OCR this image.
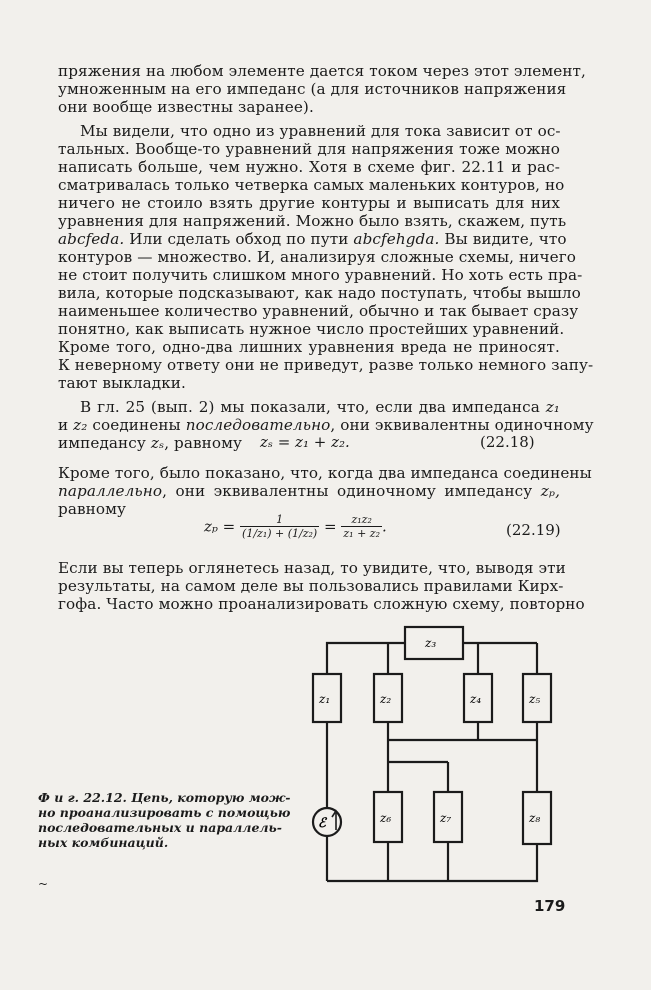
пряжения на любом элементе дается током через этот элемент,
умноженным на его импеданс (а для источников напряжения
они вообще известны заранее).
Мы видели, что одно из уравнений для тока зависит от ос-
тальных. Вообще-то уравнений для напряжения тоже можно
написать больше, чем нужно. Хотя в схеме фиг. 22.11 и рас-
сматривалась только четверка самых маленьких контуров, но
ничего не стоило взять другие контуры и выписать для них
уравнения для напряжений. Можно было взять, скажем, путь
abcfeda. Или сделать обход по пути abcfehgda. Вы видите, что
контуров — множество. И, анализируя сложные схемы, ничего
не стоит получить слишком много уравнений. Но хоть есть пра-
вила, которые подсказывают, как надо поступать, чтобы вышло
наименьшее количество уравнений, обычно и так бывает сразу
понятно, как выписать нужное число простейших уравнений.
Кроме того, одно-два лишних уравнения вреда не приносят.
К неверному ответу они не приведут, разве только немного запу-
тают выкладки.
В гл. 25 (вып. 2) мы показали, что, если два импеданса z₁
и z₂ соединены последовательно, они эквивалентны одиночному
импедансу zₛ, равному	zₛ = z₁ + z₂.	(22.18)
Кроме того, было показано, что, когда два импеданса соединены
параллельно, они эквивалентны одиночному импедансу zₚ,
равному
$z_p = \frac{1}{\text{(1/z₁) + (1/z₂)}} = \frac{\text{z₁z₂}}{\text{z₁ + z₂}}$ .	(22.19)
Если вы теперь оглянетесь назад, то увидите, что, выводя эти
результаты, на самом деле вы пользовались правилами Кирх-
гофа. Часто можно проанализировать сложную схему, повторно
z₃
z₁	z₂	z₄	z₅
z₆	z₇	z₈
ℰ
Ф и г. 22.12. Цепь, которую мож-
но проанализировать с помощью
последовательных и параллель-
ных комбинаций.
~
179
